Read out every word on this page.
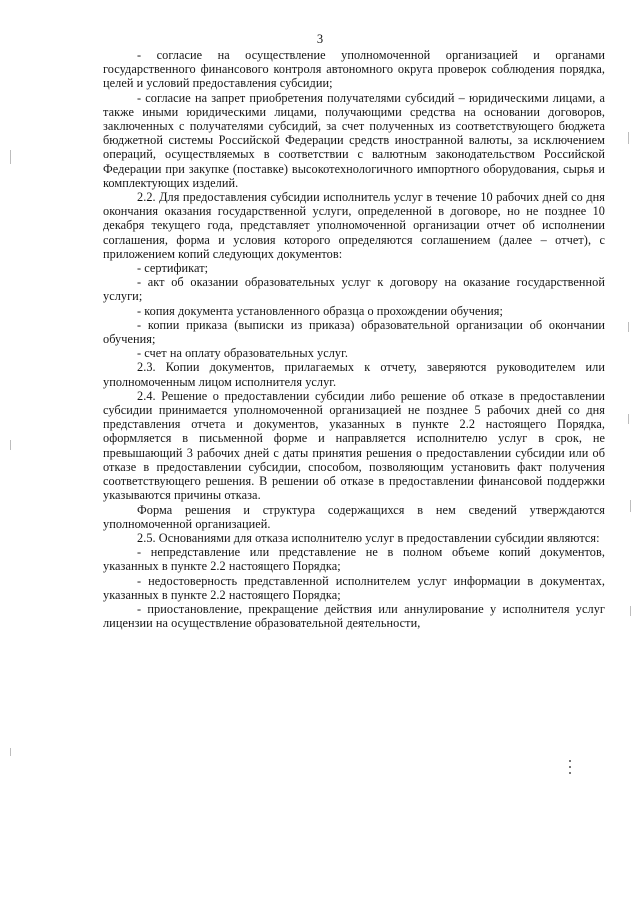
3

- согласие на осуществление уполномоченной организацией и органами государственного финансового контроля автономного округа проверок соблюдения порядка, целей и условий предоставления субсидии;

- согласие на запрет приобретения получателями субсидий – юридическими лицами, а также иными юридическими лицами, получающими средства на основании договоров, заключенных с получателями субсидий, за счет полученных из соответствующего бюджета бюджетной системы Российской Федерации средств иностранной валюты, за исключением операций, осуществляемых в соответствии с валютным законодательством Российской Федерации при закупке (поставке) высокотехнологичного импортного оборудования, сырья и комплектующих изделий.

2.2. Для предоставления субсидии исполнитель услуг в течение 10 рабочих дней со дня окончания оказания государственной услуги, определенной в договоре, но не позднее 10 декабря текущего года, представляет уполномоченной организации отчет об исполнении соглашения, форма и условия которого определяются соглашением (далее – отчет), с приложением копий следующих документов:

- сертификат;

- акт об оказании образовательных услуг к договору на оказание государственной услуги;

- копия документа установленного образца о прохождении обучения;

- копии приказа (выписки из приказа) образовательной организации об окончании обучения;

- счет на оплату образовательных услуг.

2.3. Копии документов, прилагаемых к отчету, заверяются руководителем или уполномоченным лицом исполнителя услуг.

2.4. Решение о предоставлении субсидии либо решение об отказе в предоставлении субсидии принимается уполномоченной организацией не позднее 5 рабочих дней со дня представления отчета и документов, указанных в пункте 2.2 настоящего Порядка, оформляется в письменной форме и направляется исполнителю услуг в срок, не превышающий 3 рабочих дней с даты принятия решения о предоставлении субсидии или об отказе в предоставлении субсидии, способом, позволяющим установить факт получения соответствующего решения. В решении об отказе в предоставлении финансовой поддержки указываются причины отказа.

Форма решения и структура содержащихся в нем сведений утверждаются уполномоченной организацией.

2.5. Основаниями для отказа исполнителю услуг в предоставлении субсидии являются:

- непредставление или представление не в полном объеме копий документов, указанных в пункте 2.2 настоящего Порядка;

- недостоверность представленной исполнителем услуг информации в документах, указанных в пункте 2.2 настоящего Порядка;

- приостановление, прекращение действия или аннулирование у исполнителя услуг лицензии на осуществление образовательной деятельности,
